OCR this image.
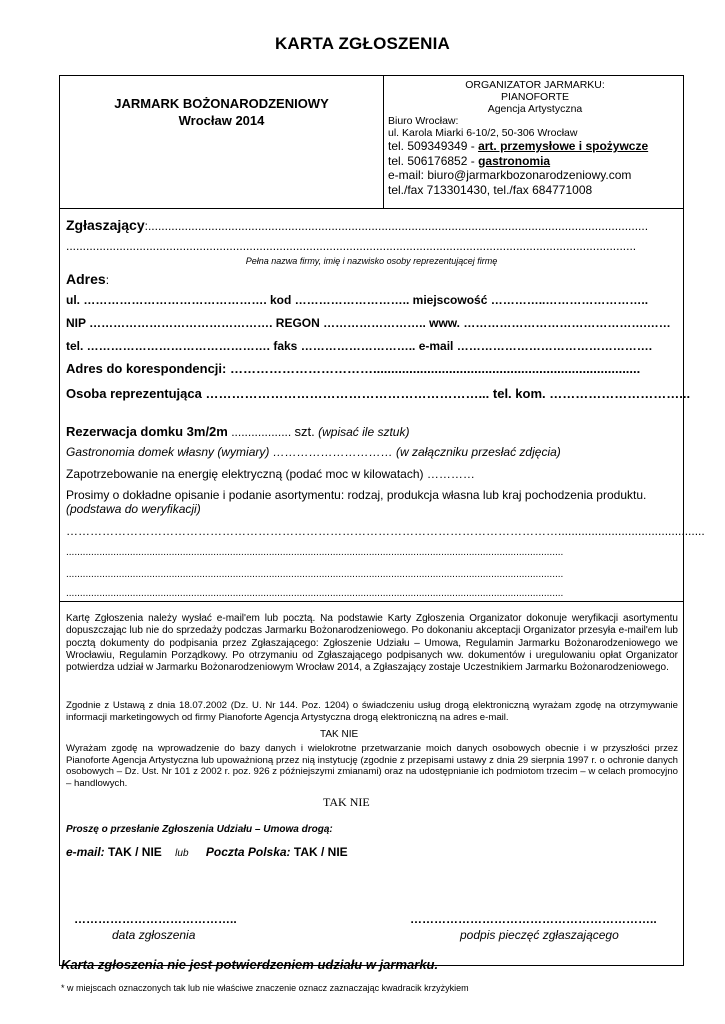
KARTA ZGŁOSZENIA
JARMARK BOŻONARODZENIOWY
Wrocław 2014
ORGANIZATOR JARMARKU:
PIANOFORTE
Agencja Artystyczna
Biuro Wrocław:
ul. Karola Miarki 6-10/2, 50-306 Wrocław
tel. 509349349 - art. przemysłowe i spożywcze
tel. 506176852 - gastronomia
e-mail: biuro@jarmarkbozonarodzeniowy.com
tel./fax 713301430, tel./fax 684771008
Zgłaszający:......................................................................................................................................................
...........................................................................................................................................................................
Pełna nazwa firmy, imię i nazwisko osoby reprezentującej firmę
Adres:
ul. ………………………………………. kod ……………………….. miejscowość …………..……………………..
NIP ………………………………………. REGON …………………….. www. ……………………………………….……
tel. ………………………………………. faks ……………………….. e-mail ………………………………………….
Adres do korespondencji: ……………………………..........................................................................
Osoba reprezentująca ………………………………………………………... tel. kom. …………………………...
Rezerwacja domku 3m/2m .................. szt. (wpisać ile sztuk)
Gastronomia domek własny (wymiary) ………………………… (w załączniku przesłać zdjęcia)
Zapotrzebowanie na energię elektryczną (podać moc w kilowatach) …………
Prosimy o dokładne opisanie i podanie asortymentu: rodzaj, produkcja własna lub kraj pochodzenia produktu.
(podstawa do weryfikacji)
……………………………………………………………………………………………………………............................................
...................................................................................................................................................................................
...................................................................................................................................................................................
...................................................................................................................................................................................
Kartę Zgłoszenia należy wysłać e-mail'em lub pocztą. Na podstawie Karty Zgłoszenia Organizator dokonuje weryfikacji asortymentu dopuszczając lub nie do sprzedaży podczas Jarmarku Bożonarodzeniowego. Po dokonaniu akceptacji Organizator przesyła e-mail'em lub pocztą dokumenty do podpisania przez Zgłaszającego: Zgłoszenie Udziału – Umowa, Regulamin Jarmarku Bożonarodzeniowego we Wrocławiu, Regulamin Porządkowy. Po otrzymaniu od Zgłaszającego podpisanych ww. dokumentów i uregulowaniu opłat Organizator potwierdza udział w Jarmarku Bożonarodzeniowym Wrocław 2014, a Zgłaszający zostaje Uczestnikiem Jarmarku Bożonarodzeniowego.
Zgodnie z Ustawą z dnia 18.07.2002 (Dz. U. Nr 144. Poz. 1204) o świadczeniu usług drogą elektroniczną wyrażam zgodę na otrzymywanie informacji marketingowych od firmy Pianoforte Agencja Artystyczna drogą elektroniczną na adres e-mail.
TAK NIE
Wyrażam zgodę na wprowadzenie do bazy danych i wielokrotne przetwarzanie moich danych osobowych obecnie i w przyszłości przez Pianoforte Agencja Artystyczna lub upoważnioną przez nią instytucję (zgodnie z przepisami ustawy z dnia 29 sierpnia 1997 r. o ochronie danych osobowych – Dz. Ust. Nr 101 z 2002 r. poz. 926 z późniejszymi zmianami) oraz na udostępnianie ich podmiotom trzecim – w celach promocyjno – handlowych.
TAK NIE
Proszę o przesłanie Zgłoszenia Udziału – Umowa drogą:
e-mail: TAK / NIE lub Poczta Polska: TAK / NIE
…………………………………..
data zgłoszenia
……………………………………………………..
podpis pieczęć zgłaszającego
Karta zgłoszenia nie jest potwierdzeniem udziału w jarmarku.
* w miejscach oznaczonych tak lub nie właściwe znaczenie oznacz zaznaczając kwadracik krzyżykiem
